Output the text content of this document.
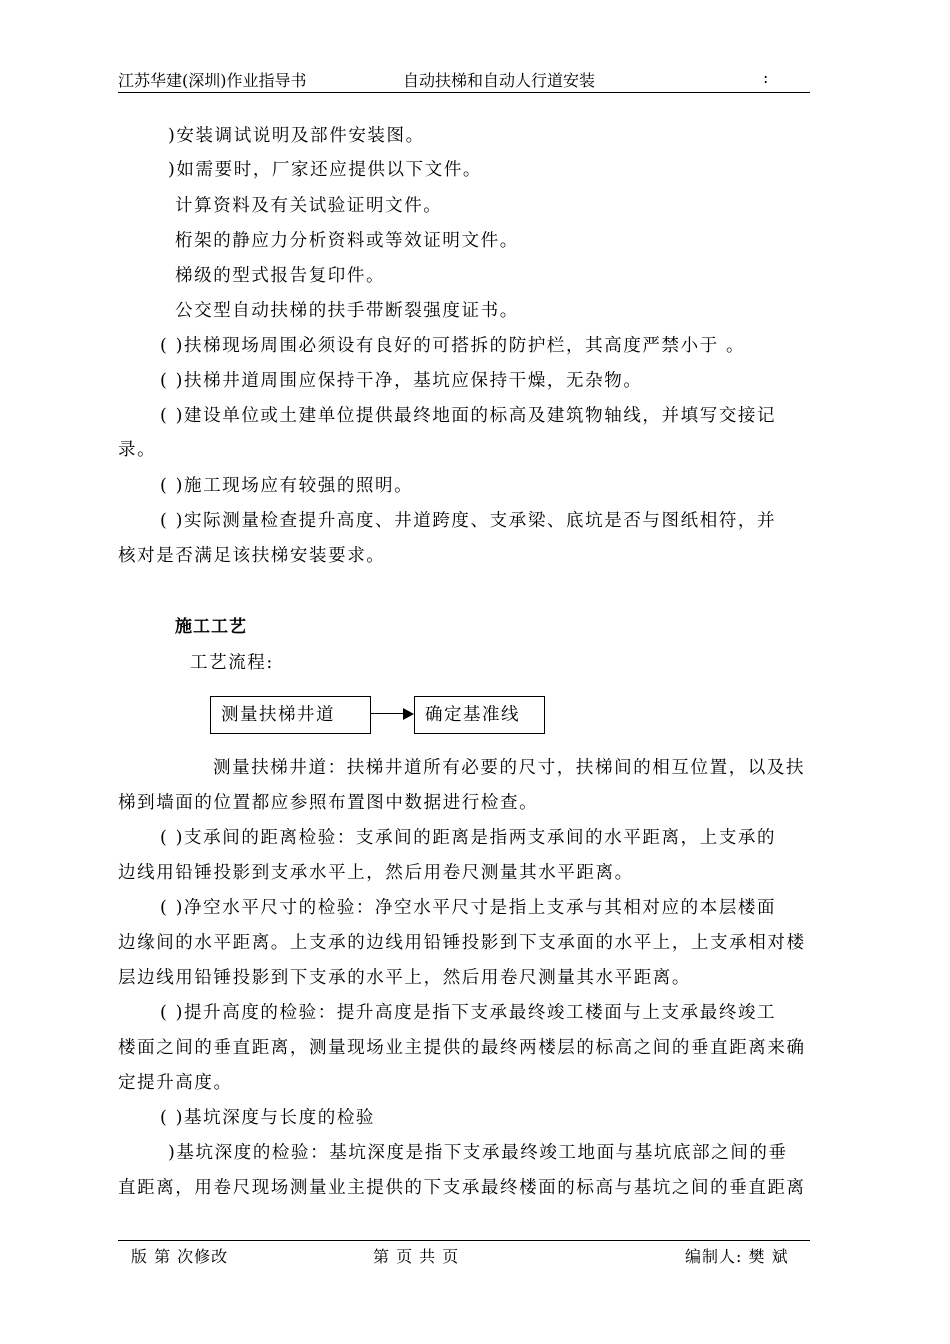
江苏华建(深圳)作业指导书	自动扶梯和自动人行道安装	:
)安装调试说明及部件安装图。
)如需要时，厂家还应提供以下文件。
计算资料及有关试验证明文件。
桁架的静应力分析资料或等效证明文件。
梯级的型式报告复印件。
公交型自动扶梯的扶手带断裂强度证书。
( )扶梯现场周围必须设有良好的可搭拆的防护栏，其高度严禁小于 。
( )扶梯井道周围应保持干净，基坑应保持干燥，无杂物。
( )建设单位或土建单位提供最终地面的标高及建筑物轴线，并填写交接记
录。
( )施工现场应有较强的照明。
( )实际测量检查提升高度、井道跨度、支承梁、底坑是否与图纸相符，并
核对是否满足该扶梯安装要求。
施工工艺
工艺流程:
测量扶梯井道	确定基准线
测量扶梯井道：扶梯井道所有必要的尺寸，扶梯间的相互位置，以及扶
梯到墙面的位置都应参照布置图中数据进行检查。
( )支承间的距离检验：支承间的距离是指两支承间的水平距离，上支承的
边线用铅锤投影到支承水平上，然后用卷尺测量其水平距离。
( )净空水平尺寸的检验：净空水平尺寸是指上支承与其相对应的本层楼面
边缘间的水平距离。上支承的边线用铅锤投影到下支承面的水平上，上支承相对楼
层边线用铅锤投影到下支承的水平上，然后用卷尺测量其水平距离。
( )提升高度的检验：提升高度是指下支承最终竣工楼面与上支承最终竣工
楼面之间的垂直距离，测量现场业主提供的最终两楼层的标高之间的垂直距离来确
定提升高度。
( )基坑深度与长度的检验
)基坑深度的检验：基坑深度是指下支承最终竣工地面与基坑底部之间的垂
直距离，用卷尺现场测量业主提供的下支承最终楼面的标高与基坑之间的垂直距离
版 第 次修改	第 页 共 页	编制人: 樊 斌
